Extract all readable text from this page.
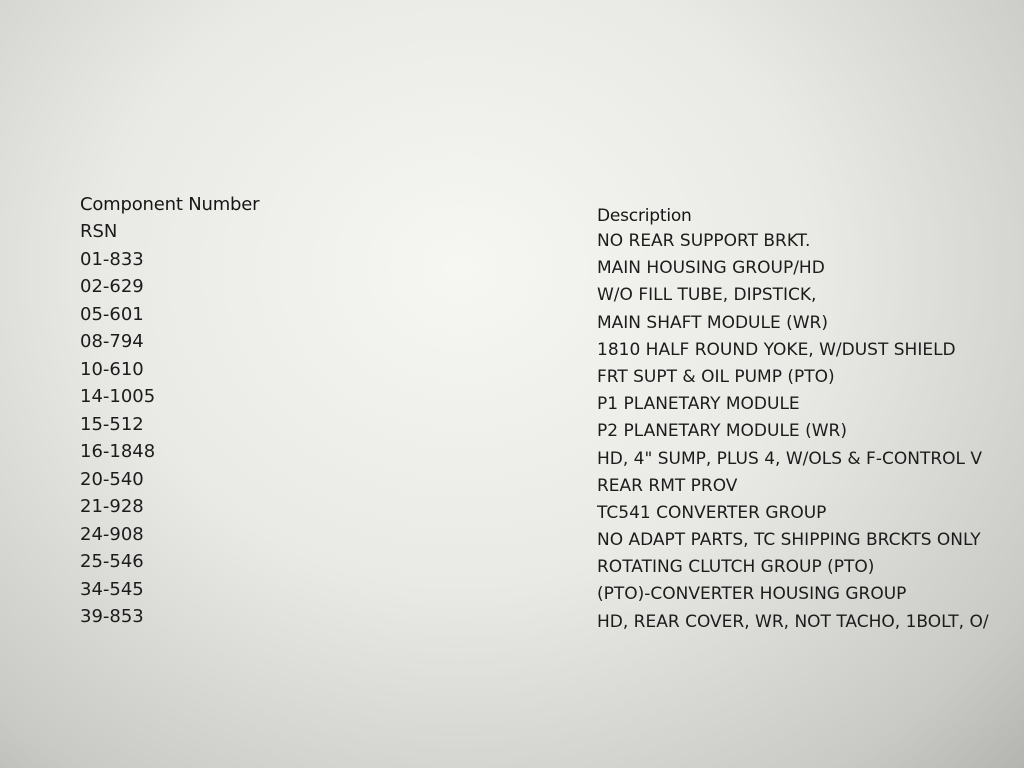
Component Number
RSN
01-833
02-629
05-601
08-794
10-610
14-1005
15-512
16-1848
20-540
21-928
24-908
25-546
34-545
39-853
Description
NO REAR SUPPORT BRKT.
MAIN HOUSING GROUP/HD
W/O FILL TUBE, DIPSTICK,
MAIN SHAFT MODULE (WR)
1810 HALF ROUND YOKE, W/DUST SHIELD
FRT SUPT & OIL PUMP (PTO)
P1 PLANETARY MODULE
P2 PLANETARY MODULE (WR)
HD, 4" SUMP, PLUS 4, W/OLS & F-CONTROL V
REAR RMT PROV
TC541 CONVERTER GROUP
NO ADAPT PARTS, TC SHIPPING BRCKTS ONLY
ROTATING CLUTCH GROUP (PTO)
(PTO)-CONVERTER HOUSING GROUP
HD, REAR COVER, WR, NOT TACHO, 1BOLT, O/
